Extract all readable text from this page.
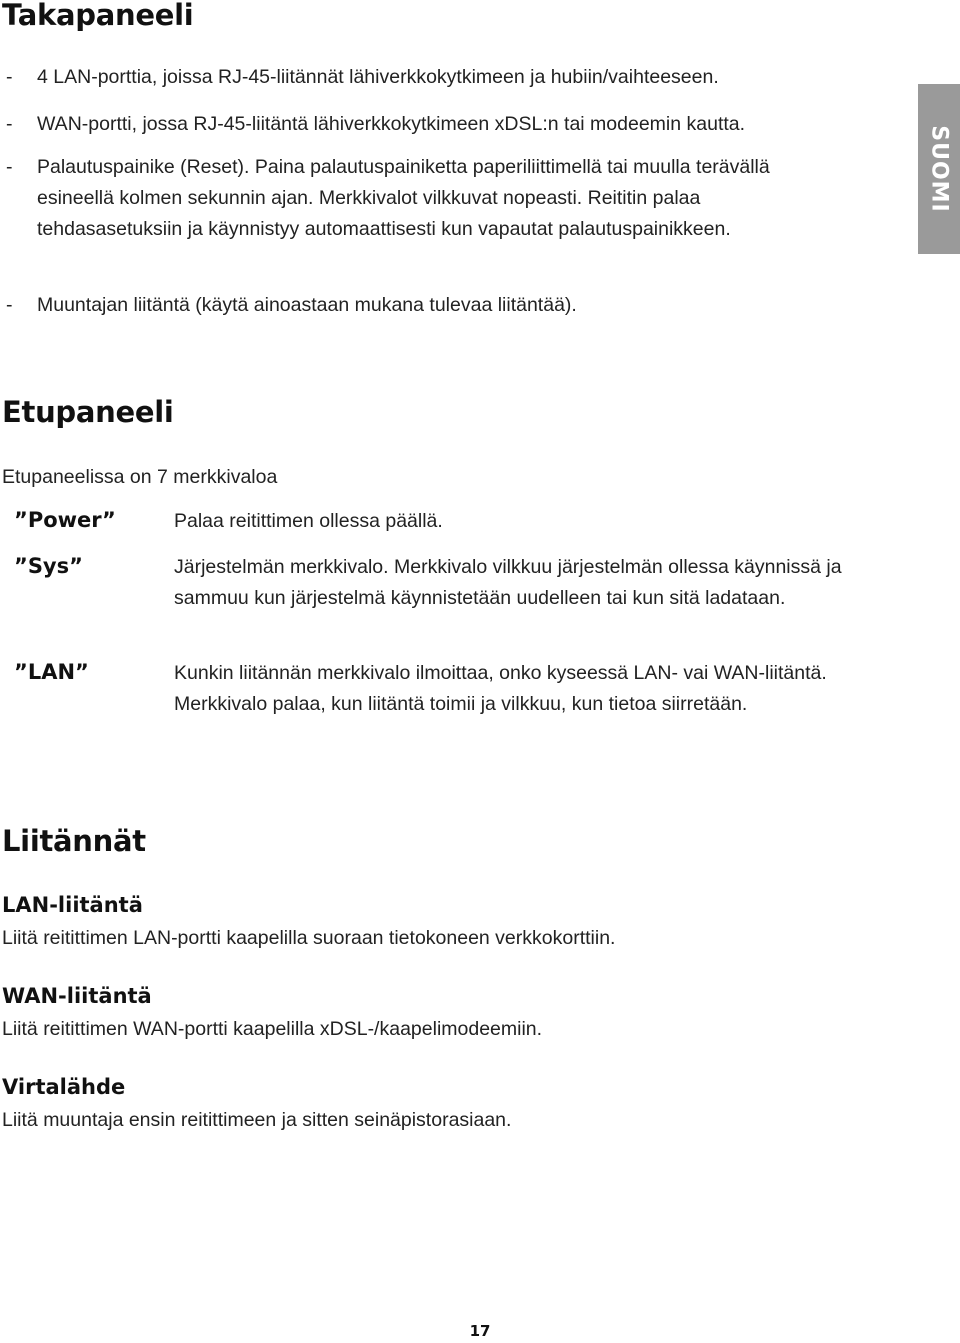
SUOMI
Takapaneeli
- 4 LAN-porttia, joissa RJ-45-liitännät lähiverkkokytkimeen ja hubiin/vaihteeseen.
- WAN-portti, jossa RJ-45-liitäntä lähiverkkokytkimeen xDSL:n tai modeemin kautta.
- Palautuspainike (Reset). Paina palautuspainiketta paperiliittimellä tai muulla terävällä esineellä kolmen sekunnin ajan. Merkkivalot vilkkuvat nopeasti. Reititin palaa tehdasasetuksiin ja käynnistyy automaattisesti kun vapautat palautuspainikkeen.
- Muuntajan liitäntä (käytä ainoastaan mukana tulevaa liitäntää).
Etupaneeli

Etupaneelissa on 7 merkkivaloa

”Power”	Palaa reitittimen ollessa päällä.

”Sys”	Järjestelmän merkkivalo. Merkkivalo vilkkuu järjestelmän ollessa käynnissä ja sammuu kun järjestelmä käynnistetään uudelleen tai kun sitä ladataan.

”LAN”	Kunkin liitännän merkkivalo ilmoittaa, onko kyseessä LAN- vai WAN-liitäntä. Merkkivalo palaa, kun liitäntä toimii ja vilkkuu, kun tietoa siirretään.

Liitännät
LAN-liitäntä

Liitä reitittimen LAN-portti kaapelilla suoraan tietokoneen verkkokorttiin.

WAN-liitäntä

Liitä reitittimen WAN-portti kaapelilla xDSL-/kaapelimodeemiin.

Virtalähde

Liitä muuntaja ensin reitittimeen ja sitten seinäpistorasiaan.

17
